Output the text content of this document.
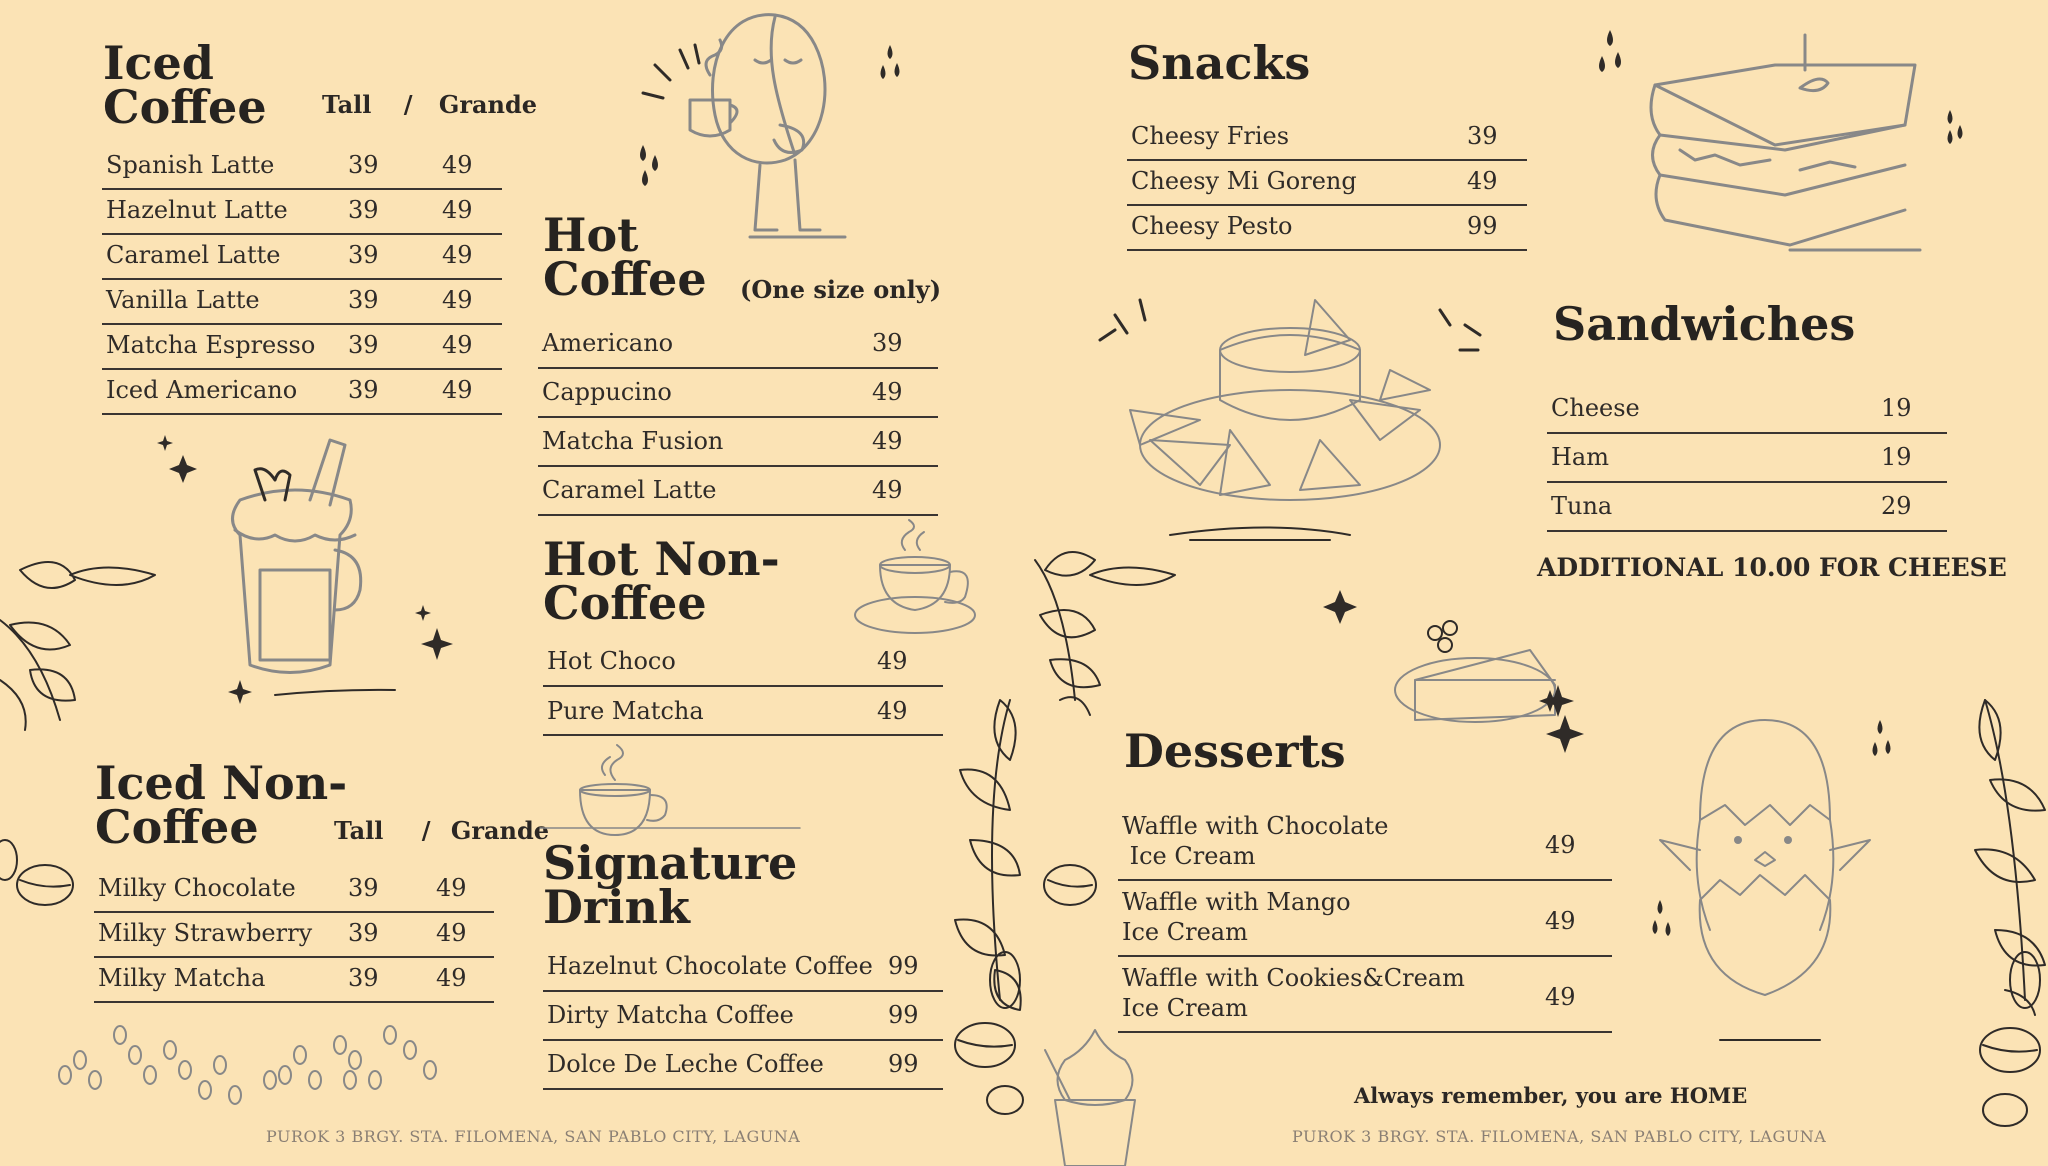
Iced
Coffee Tall / Grande
Spanish Latte	39	49
Hazelnut Latte	39	49
Caramel Latte	39	49
Vanilla Latte	39	49
Matcha Espresso 39	49
Iced Americano 39	49
Hot
Coffee (One size only)
Americano	39
Cappucino	49
Matcha Fusion	49
Caramel Latte	49
Hot Non-
Coffee
Hot Choco	49
Pure Matcha	49
Iced Non-
Coffee	Tall / Grande
Milky Chocolate 39 49
Milky Strawberry 39 49
Milky Matcha	39 49
Signature
Drink
Hazelnut Chocolate Coffee 99
Dirty Matcha Coffee	99
Dolce De Leche Coffee	99
PUROK 3 BRGY. STA. FILOMENA, SAN PABLO CITY, LAGUNA
Snacks
Cheesy Fries	39
Cheesy Mi Goreng	49
Cheesy Pesto	99
Sandwiches
Cheese	19
Ham	19
Tuna	29
ADDITIONAL 10.00 FOR CHEESE
Desserts
Waffle with Chocolate
Ice Cream	49
Waffle with Mango
Ice Cream	49
Waffle with Cookies&Cream
Ice Cream	49
Always remember, you are HOME
PUROK 3 BRGY. STA. FILOMENA, SAN PABLO CITY, LAGUNA
